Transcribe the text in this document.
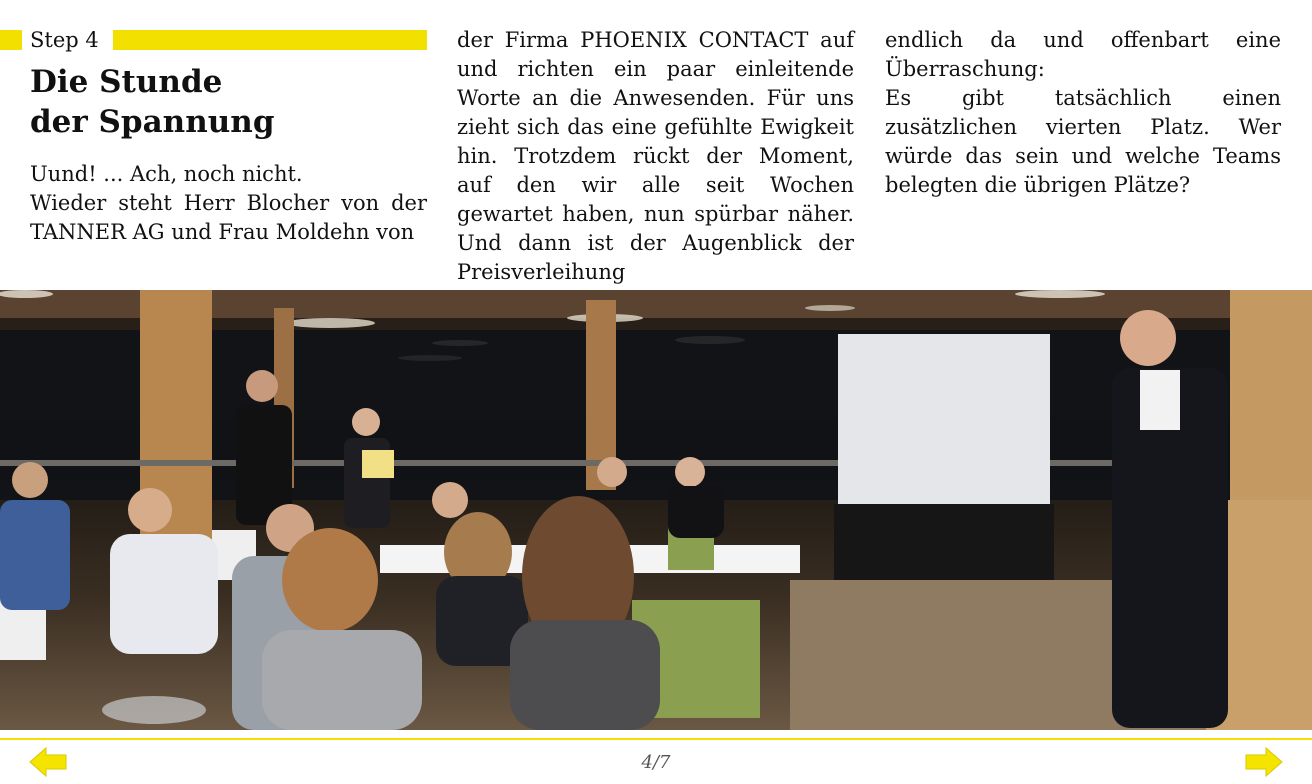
Step 4
Die Stunde
der Spannung

Uund! ... Ach, noch nicht.

Wieder steht Herr Blocher von der TANNER AG und Frau Moldehn von

der Firma PHOENIX CONTACT auf und richten ein paar einleitende Worte an die Anwesenden. Für uns zieht sich das eine gefühlte Ewigkeit hin. Trotzdem rückt der Moment, auf den wir alle seit Wochen gewartet haben, nun spürbar näher. Und dann ist der Augenblick der Preisverleihung

endlich da und offenbart eine Überraschung:

Es gibt tatsächlich einen zusätzlichen vierten Platz. Wer würde das sein und welche Teams belegten die übrigen Plätze?

4/7
